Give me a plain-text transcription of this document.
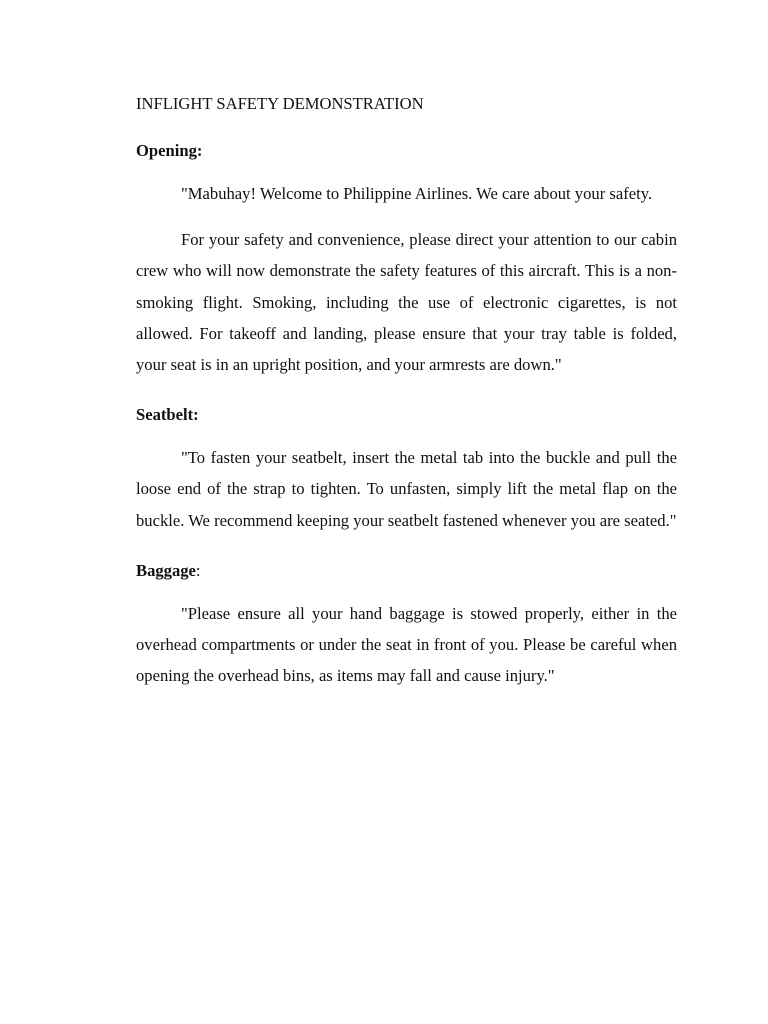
INFLIGHT SAFETY DEMONSTRATION

Opening:

"Mabuhay! Welcome to Philippine Airlines. We care about your safety.

For your safety and convenience, please direct your attention to our cabin crew who will now demonstrate the safety features of this aircraft. This is a non-smoking flight. Smoking, including the use of electronic cigarettes, is not allowed. For takeoff and landing, please ensure that your tray table is folded, your seat is in an upright position, and your armrests are down."

Seatbelt:

"To fasten your seatbelt, insert the metal tab into the buckle and pull the loose end of the strap to tighten. To unfasten, simply lift the metal flap on the buckle. We recommend keeping your seatbelt fastened whenever you are seated."

Baggage:

"Please ensure all your hand baggage is stowed properly, either in the overhead compartments or under the seat in front of you. Please be careful when opening the overhead bins, as items may fall and cause injury."
